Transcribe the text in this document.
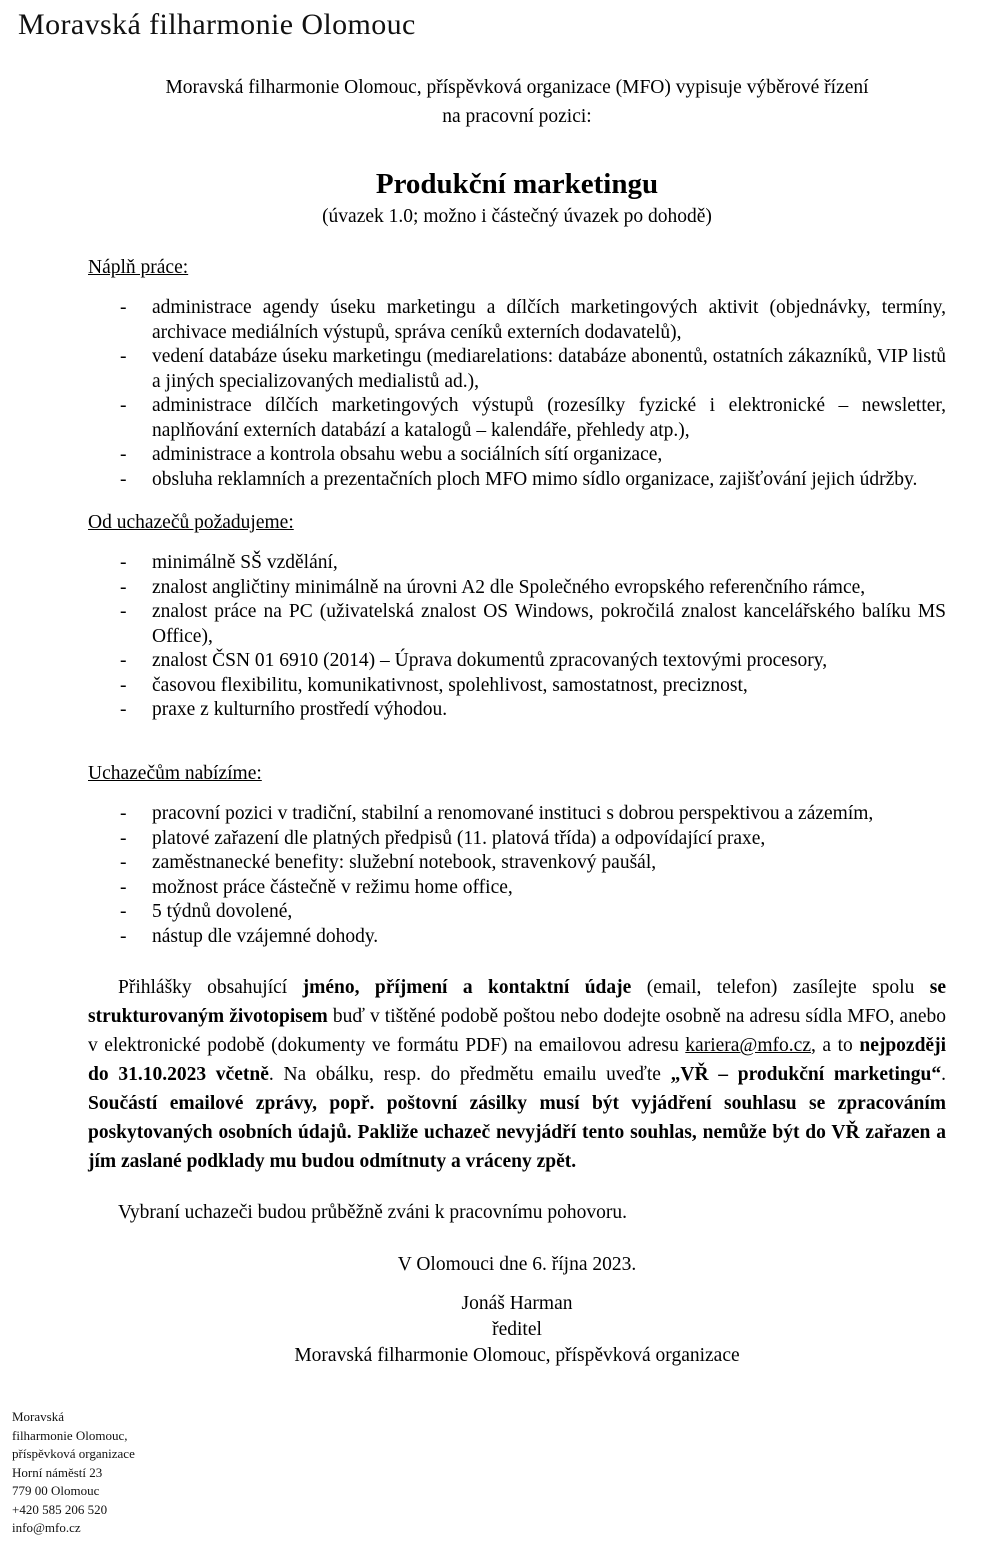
Moravská filharmonie Olomouc
Moravská filharmonie Olomouc, příspěvková organizace (MFO) vypisuje výběrové řízení
na pracovní pozici:
Produkční marketingu
(úvazek 1.0; možno i částečný úvazek po dohodě)
Náplň práce:
-	administrace agendy úseku marketingu a dílčích marketingových aktivit (objednávky, termíny, archivace mediálních výstupů, správa ceníků externích dodavatelů),
-	vedení databáze úseku marketingu (mediarelations: databáze abonentů, ostatních zákazníků, VIP listů a jiných specializovaných medialistů ad.),
-	administrace dílčích marketingových výstupů (rozesílky fyzické i elektronické – newsletter, naplňování externích databází a katalogů – kalendáře, přehledy atp.),
-	administrace a kontrola obsahu webu a sociálních sítí organizace,
-	obsluha reklamních a prezentačních ploch MFO mimo sídlo organizace, zajišťování jejich údržby.
Od uchazečů požadujeme:
-	minimálně SŠ vzdělání,
-	znalost angličtiny minimálně na úrovni A2 dle Společného evropského referenčního rámce,
-	znalost práce na PC (uživatelská znalost OS Windows, pokročilá znalost kancelářského balíku MS Office),
-	znalost ČSN 01 6910 (2014) – Úprava dokumentů zpracovaných textovými procesory,
-	časovou flexibilitu, komunikativnost, spolehlivost, samostatnost, preciznost,
-	praxe z kulturního prostředí výhodou.
Uchazečům nabízíme:
-	pracovní pozici v tradiční, stabilní a renomované instituci s dobrou perspektivou a zázemím,
-	platové zařazení dle platných předpisů (11. platová třída) a odpovídající praxe,
-	zaměstnanecké benefity: služební notebook, stravenkový paušál,
-	možnost práce částečně v režimu home office,
-	5 týdnů dovolené,
-	nástup dle vzájemné dohody.

Přihlášky obsahující jméno, příjmení a kontaktní údaje (email, telefon) zasílejte spolu se strukturovaným životopisem buď v tištěné podobě poštou nebo dodejte osobně na adresu sídla MFO, anebo v elektronické podobě (dokumenty ve formátu PDF) na emailovou adresu kariera@mfo.cz, a to nejpozději do 31.10.2023 včetně. Na obálku, resp. do předmětu emailu uveďte „VŘ – produkční marketingu“. Součástí emailové zprávy, popř. poštovní zásilky musí být vyjádření souhlasu se zpracováním poskytovaných osobních údajů. Pakliže uchazeč nevyjádří tento souhlas, nemůže být do VŘ zařazen a jím zaslané podklady mu budou odmítnuty a vráceny zpět.

Vybraní uchazeči budou průběžně zváni k pracovnímu pohovoru.

V Olomouci dne 6. října 2023.
Jonáš Harman
ředitel
Moravská filharmonie Olomouc, příspěvková organizace
Moravská
filharmonie Olomouc,
příspěvková organizace
Horní náměstí 23
779 00 Olomouc
+420 585 206 520
info@mfo.cz
